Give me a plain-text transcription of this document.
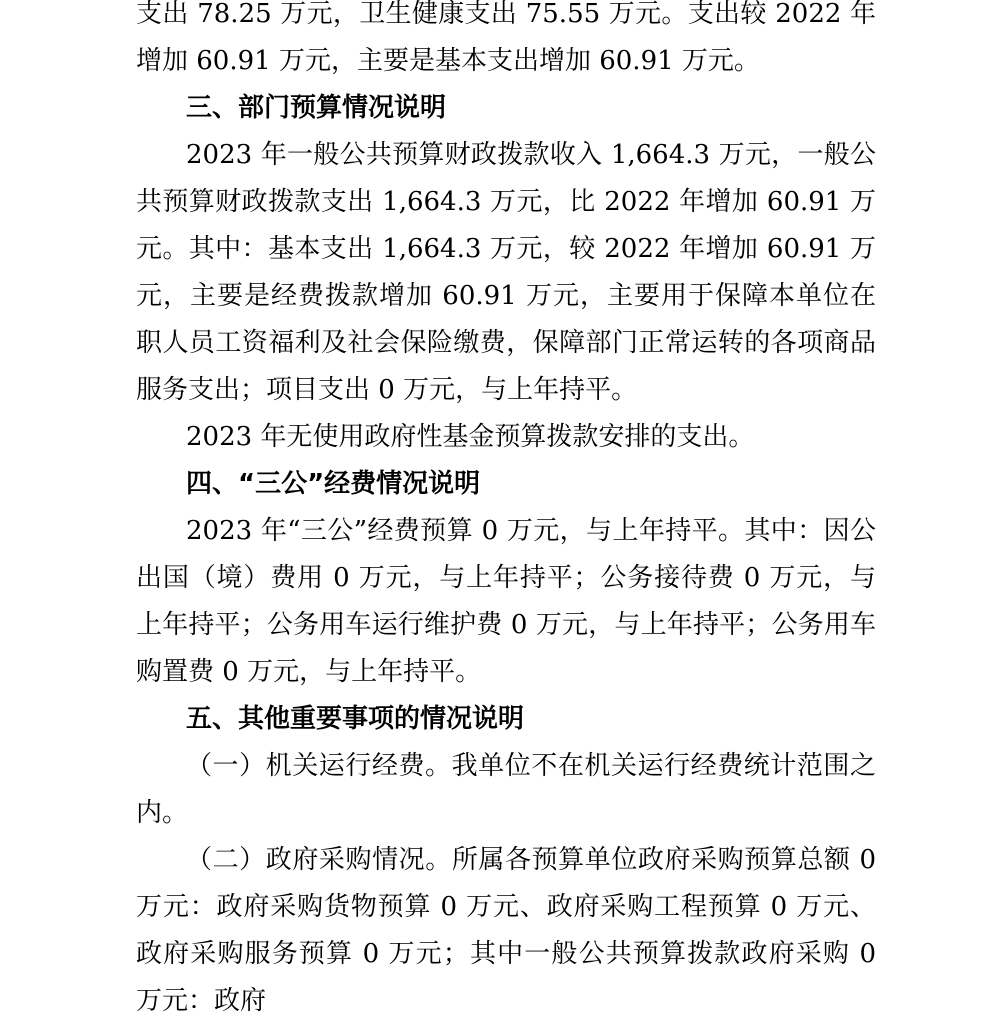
支出 78.25 万元，卫生健康支出 75.55 万元。支出较 2022 年增加 60.91 万元，主要是基本支出增加 60.91 万元。

三、部门预算情况说明

2023 年一般公共预算财政拨款收入 1,664.3 万元，一般公共预算财政拨款支出 1,664.3 万元，比 2022 年增加 60.91 万元。其中：基本支出 1,664.3 万元，较 2022 年增加 60.91 万元，主要是经费拨款增加 60.91 万元，主要用于保障本单位在职人员工资福利及社会保险缴费，保障部门正常运转的各项商品服务支出；项目支出 0 万元，与上年持平。

2023 年无使用政府性基金预算拨款安排的支出。

四、“三公”经费情况说明

2023 年“三公”经费预算 0 万元，与上年持平。其中：因公出国（境）费用 0 万元，与上年持平；公务接待费 0 万元，与上年持平；公务用车运行维护费 0 万元，与上年持平；公务用车购置费 0 万元，与上年持平。

五、其他重要事项的情况说明

（一）机关运行经费。我单位不在机关运行经费统计范围之内。

（二）政府采购情况。所属各预算单位政府采购预算总额 0 万元：政府采购货物预算 0 万元、政府采购工程预算 0 万元、政府采购服务预算 0 万元；其中一般公共预算拨款政府采购 0 万元：政府
